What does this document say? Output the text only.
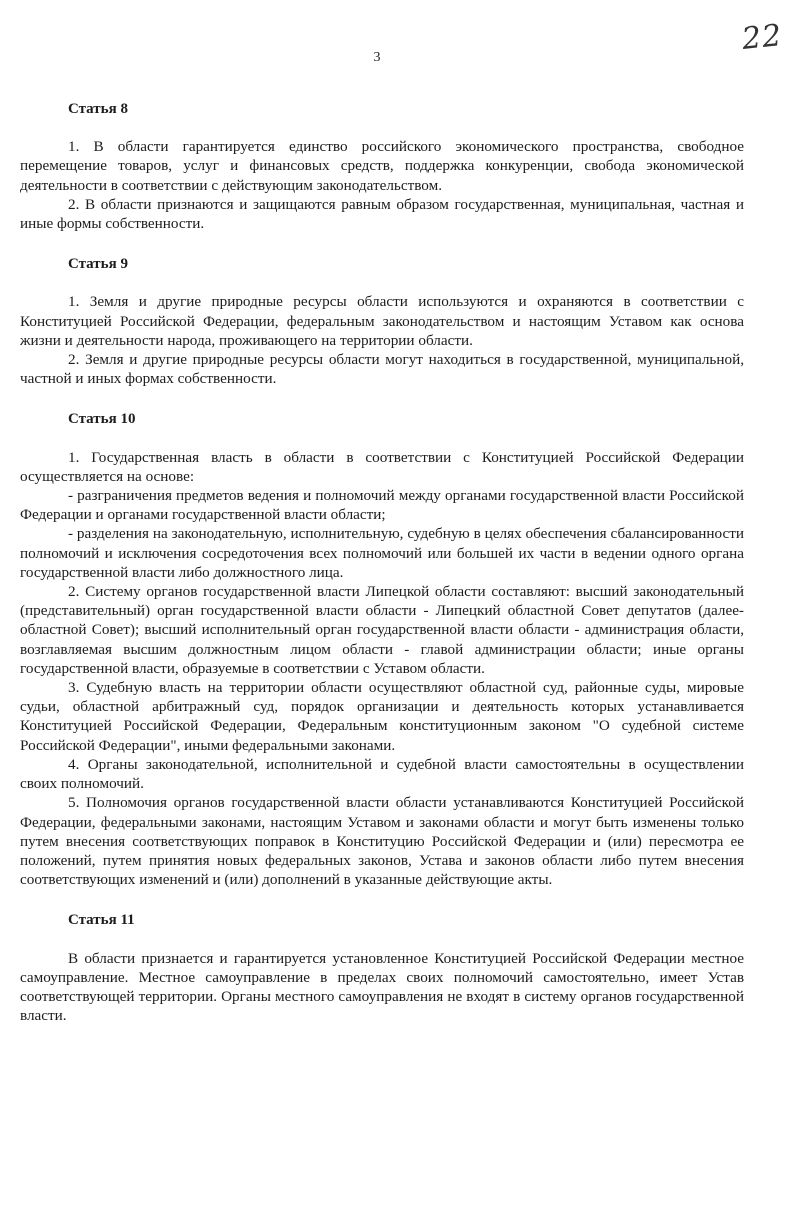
3
22
Статья 8

1. В области гарантируется единство российского экономического пространства, свободное перемещение товаров, услуг и финансовых средств, поддержка конкуренции, свобода экономической деятельности в соответствии с действующим законодательством.

2. В области признаются и защищаются равным образом государственная, муниципальная, частная и иные формы собственности.

Статья 9

1. Земля и другие природные ресурсы области используются и охраняются в соответствии с Конституцией Российской Федерации, федеральным законодательством и настоящим Уставом как основа жизни и деятельности народа, проживающего на территории области.

2. Земля и другие природные ресурсы области могут находиться в государственной, муниципальной, частной и иных формах собственности.

Статья 10

1. Государственная власть в области в соответствии с Конституцией Российской Федерации осуществляется на основе:

- разграничения предметов ведения и полномочий между органами государственной власти Российской Федерации и органами государственной власти области;

- разделения на законодательную, исполнительную, судебную в целях обеспечения сбалансированности полномочий и исключения сосредоточения всех полномочий или большей их части в ведении одного органа государственной власти либо должностного лица.

2. Систему органов государственной власти Липецкой области составляют: высший законодательный (представительный) орган государственной власти области - Липецкий областной Совет депутатов (далее- областной Совет); высший исполнительный орган государственной власти области - администрация области, возглавляемая высшим должностным лицом области - главой администрации области; иные органы государственной власти, образуемые в соответствии с Уставом области.

3. Судебную власть на территории области осуществляют областной суд, районные суды, мировые судьи, областной арбитражный суд, порядок организации и деятельность которых устанавливается Конституцией Российской Федерации, Федеральным конституционным законом "О судебной системе Российской Федерации", иными федеральными законами.

4. Органы законодательной, исполнительной и судебной власти самостоятельны в осуществлении своих полномочий.

5. Полномочия органов государственной власти области устанавливаются Конституцией Российской Федерации, федеральными законами, настоящим Уставом и законами области и могут быть изменены только путем внесения соответствующих поправок в Конституцию Российской Федерации и (или) пересмотра ее положений, путем принятия новых федеральных законов, Устава и законов области либо путем внесения соответствующих изменений и (или) дополнений в указанные действующие акты.

Статья 11

В области признается и гарантируется установленное Конституцией Российской Федерации местное самоуправление. Местное самоуправление в пределах своих полномочий самостоятельно, имеет Устав соответствующей территории. Органы местного самоуправления не входят в систему органов государственной власти.
